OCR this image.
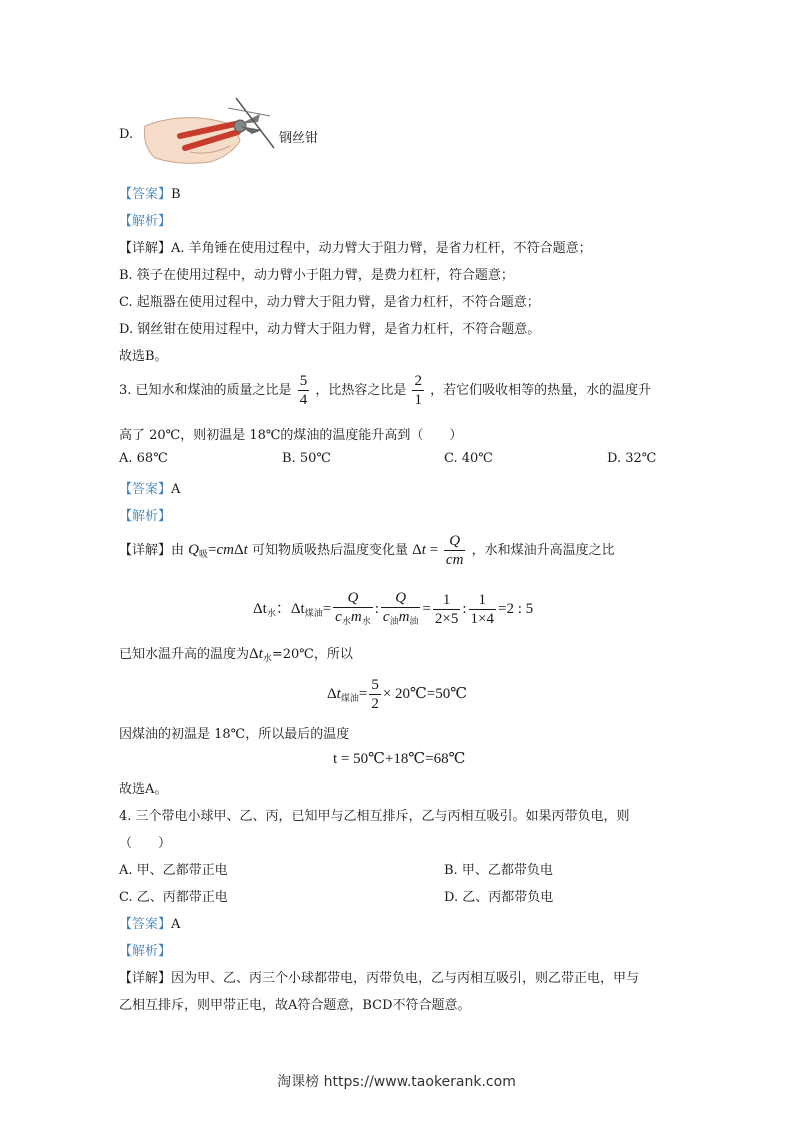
D.	钢丝钳
【答案】B
【解析】
【详解】A. 羊角锤在使用过程中，动力臂大于阻力臂，是省力杠杆，不符合题意；
B. 筷子在使用过程中，动力臂小于阻力臂，是费力杠杆，符合题意；
C. 起瓶器在使用过程中，动力臂大于阻力臂，是省力杠杆，不符合题意；
D. 钢丝钳在使用过程中，动力臂大于阻力臂，是省力杠杆，不符合题意。
故选B。
3. 已知水和煤油的质量之比是 $\frac{5}{4}$ ，比热容之比是 $\frac{2}{1}$ ，若它们吸收相等的热量，水的温度升
高了 20℃，则初温是 18℃的煤油的温度能升高到（　　）
A. 68℃	B. 50℃	C. 40℃	D. 32℃
【答案】A
【解析】
【详解】由 $Q_吸=cm\Delta t$ 可知物质吸热后温度变化量 $\Delta t = \frac{Q}{cm}$ ，水和煤油升高温度之比
$\Delta t_水$：$\Delta t_{煤油}= \frac{Q}{c_水m_水}$ : $\frac{Q}{c_油m_油} = \frac{1}{2\times 5}$ : $\frac{1}{1\times 4} =2$ : 5
已知水温升高的温度为$\Delta t_水=20℃$，所以
$\Delta t_{煤油}= \frac{5}{2}$ × 20℃=50℃
因煤油的初温是 18℃，所以最后的温度
t = 50℃+18℃=68℃
故选A。
4. 三个带电小球甲、乙、丙，已知甲与乙相互排斥，乙与丙相互吸引。如果丙带负电，则
（　　）
A. 甲、乙都带正电	B. 甲、乙都带负电
C. 乙、丙都带正电	D. 乙、丙都带负电
【答案】A
【解析】
【详解】因为甲、乙、丙三个小球都带电，丙带负电，乙与丙相互吸引，则乙带正电，甲与
乙相互排斥，则甲带正电，故A符合题意，BCD不符合题意。
淘课榜 https://www.taokerank.com
